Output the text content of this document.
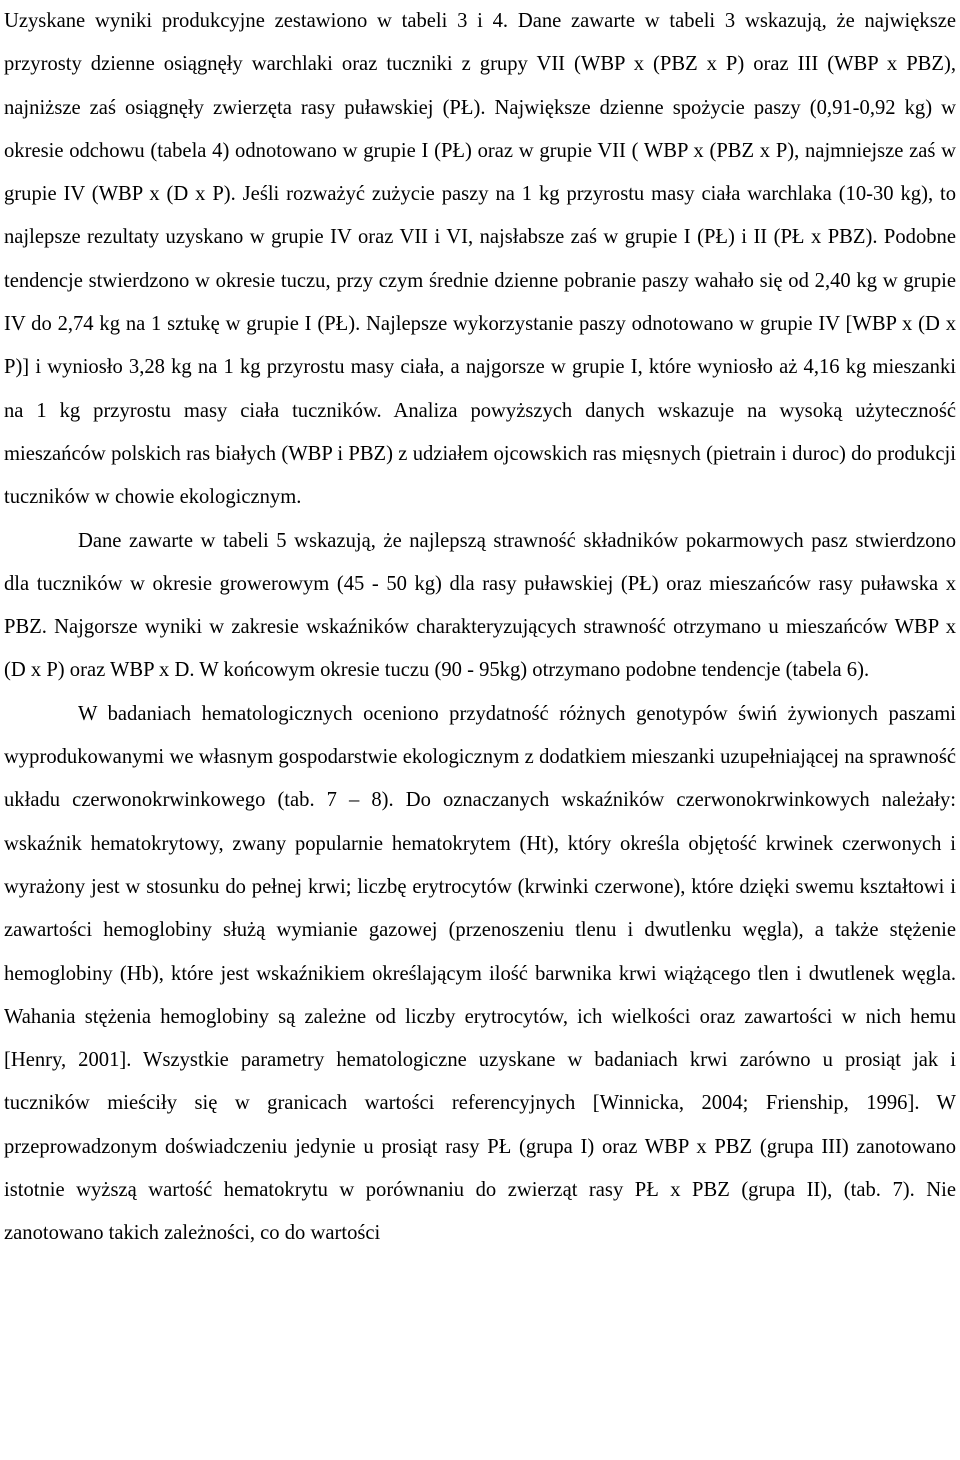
Uzyskane wyniki produkcyjne zestawiono w tabeli 3 i 4. Dane zawarte w tabeli 3 wskazują, że największe przyrosty dzienne osiągnęły warchlaki oraz tuczniki z grupy VII (WBP x (PBZ x P) oraz III (WBP x PBZ), najniższe zaś osiągnęły zwierzęta rasy puławskiej (PŁ). Największe dzienne spożycie paszy (0,91-0,92 kg) w okresie odchowu (tabela 4) odnotowano w grupie I (PŁ) oraz w grupie VII ( WBP x (PBZ x P), najmniejsze zaś w grupie IV (WBP x (D x P). Jeśli rozważyć zużycie paszy na 1 kg przyrostu masy ciała warchlaka (10-30 kg), to najlepsze rezultaty uzyskano w grupie IV oraz VII i VI, najsłabsze zaś w grupie I (PŁ) i II (PŁ x PBZ). Podobne tendencje stwierdzono w okresie tuczu, przy czym średnie dzienne pobranie paszy wahało się od 2,40 kg w grupie IV do 2,74 kg na 1 sztukę w grupie I (PŁ). Najlepsze wykorzystanie paszy odnotowano w grupie IV [WBP x (D x P)] i wyniosło 3,28 kg na 1 kg przyrostu masy ciała, a najgorsze w grupie I, które wyniosło aż 4,16 kg mieszanki na 1 kg przyrostu masy ciała tuczników. Analiza powyższych danych wskazuje na wysoką użyteczność mieszańców polskich ras białych (WBP i PBZ) z udziałem ojcowskich ras mięsnych (pietrain i duroc) do produkcji tuczników w chowie ekologicznym.

Dane zawarte w tabeli 5 wskazują, że najlepszą strawność składników pokarmowych pasz stwierdzono dla tuczników w okresie growerowym (45 - 50 kg) dla rasy puławskiej (PŁ) oraz mieszańców rasy puławska x PBZ. Najgorsze wyniki w zakresie wskaźników charakteryzujących strawność otrzymano u mieszańców WBP x (D x P) oraz WBP x D. W końcowym okresie tuczu (90 - 95kg) otrzymano podobne tendencje (tabela 6).

W badaniach hematologicznych oceniono przydatność różnych genotypów świń żywionych paszami wyprodukowanymi we własnym gospodarstwie ekologicznym z dodatkiem mieszanki uzupełniającej na sprawność układu czerwonokrwinkowego (tab. 7 – 8). Do oznaczanych wskaźników czerwonokrwinkowych należały: wskaźnik hematokrytowy, zwany popularnie hematokrytem (Ht), który określa objętość krwinek czerwonych i wyrażony jest w stosunku do pełnej krwi; liczbę erytrocytów (krwinki czerwone), które dzięki swemu kształtowi i zawartości hemoglobiny służą wymianie gazowej (przenoszeniu tlenu i dwutlenku węgla), a także stężenie hemoglobiny (Hb), które jest wskaźnikiem określającym ilość barwnika krwi wiążącego tlen i dwutlenek węgla. Wahania stężenia hemoglobiny są zależne od liczby erytrocytów, ich wielkości oraz zawartości w nich hemu [Henry, 2001]. Wszystkie parametry hematologiczne uzyskane w badaniach krwi zarówno u prosiąt jak i tuczników mieściły się w granicach wartości referencyjnych [Winnicka, 2004; Frienship, 1996]. W przeprowadzonym doświadczeniu jedynie u prosiąt rasy PŁ (grupa I) oraz WBP x PBZ (grupa III) zanotowano istotnie wyższą wartość hematokrytu w porównaniu do zwierząt rasy PŁ x PBZ (grupa II), (tab. 7). Nie zanotowano takich zależności, co do wartości
